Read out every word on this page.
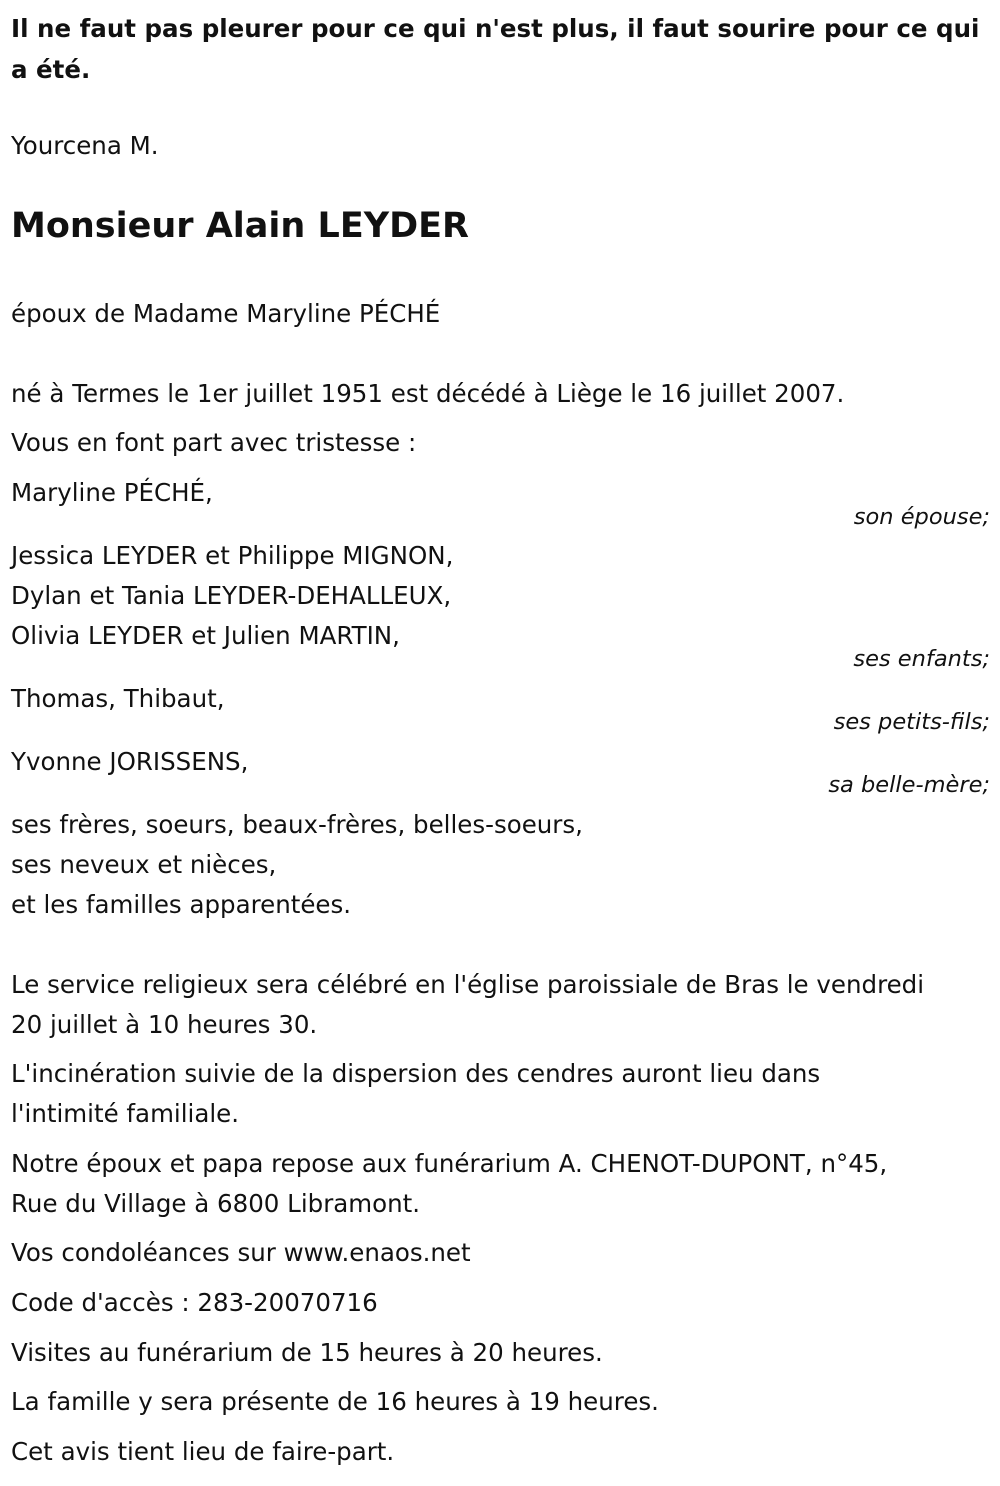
Il ne faut pas pleurer pour ce qui n'est plus, il faut sourire pour ce qui
a été.
Yourcena M.
Monsieur Alain LEYDER
époux de Madame Maryline PÉCHÉ
né à Termes le 1er juillet 1951 est décédé à Liège le 16 juillet 2007.
Vous en font part avec tristesse :
Maryline PÉCHÉ,
son épouse;
Jessica LEYDER et Philippe MIGNON,
Dylan et Tania LEYDER-DEHALLEUX,
Olivia LEYDER et Julien MARTIN,
ses enfants;
Thomas, Thibaut,
ses petits-fils;
Yvonne JORISSENS,
sa belle-mère;
ses frères, soeurs, beaux-frères, belles-soeurs,
ses neveux et nièces,
et les familles apparentées.
Le service religieux sera célébré en l'église paroissiale de Bras le vendredi
20 juillet à 10 heures 30.
L'incinération suivie de la dispersion des cendres auront lieu dans
l'intimité familiale.
Notre époux et papa repose aux funérarium A. CHENOT-DUPONT, n°45,
Rue du Village à 6800 Libramont.
Vos condoléances sur www.enaos.net
Code d'accès : 283-20070716
Visites au funérarium de 15 heures à 20 heures.
La famille y sera présente de 16 heures à 19 heures.
Cet avis tient lieu de faire-part.
